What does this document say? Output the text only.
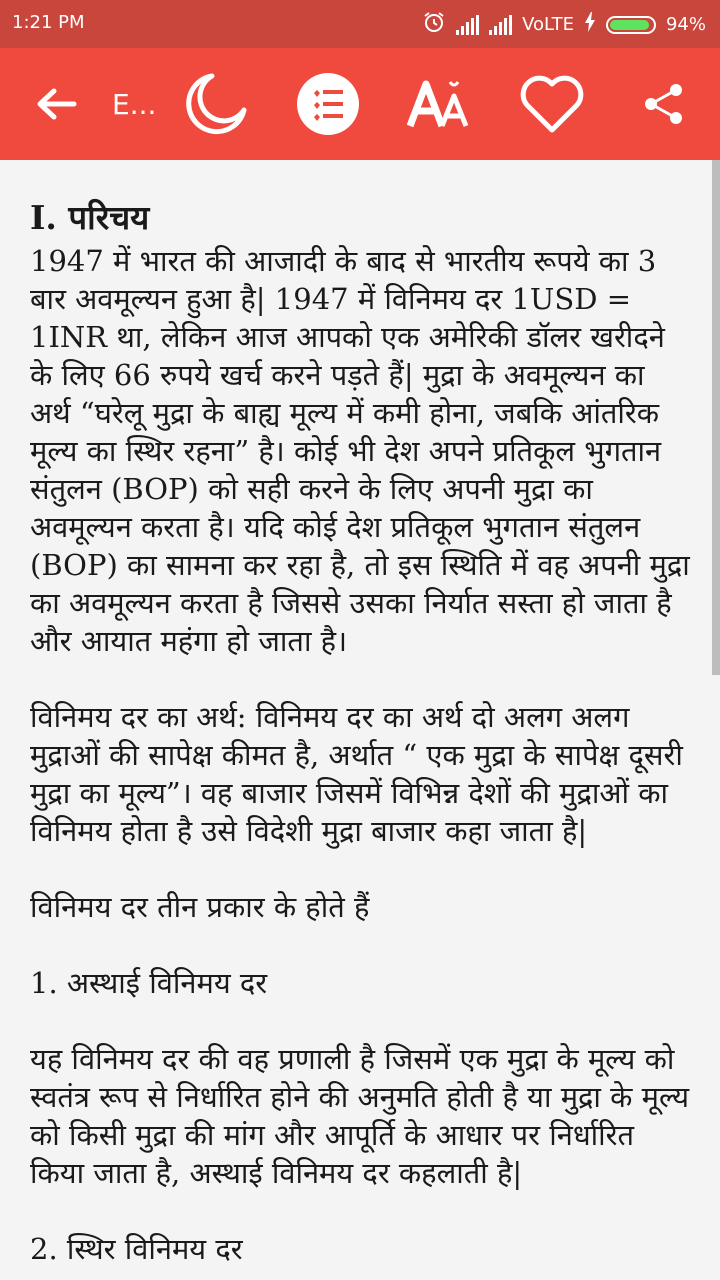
1:21 PM	VoLTE	94%
E...
I. परिचय

1947 में भारत की आजादी के बाद से भारतीय रूपये का 3 बार अवमूल्यन हुआ है| 1947 में विनिमय दर 1USD = 1INR था, लेकिन आज आपको एक अमेरिकी डॉलर खरीदने के लिए 66 रुपये खर्च करने पड़ते हैं| मुद्रा के अवमूल्यन का अर्थ “घरेलू मुद्रा के बाह्य मूल्य में कमी होना, जबकि आंतरिक मूल्य का स्थिर रहना” है। कोई भी देश अपने प्रतिकूल भुगतान संतुलन (BOP) को सही करने के लिए अपनी मुद्रा का अवमूल्यन करता है। यदि कोई देश प्रतिकूल भुगतान संतुलन (BOP) का सामना कर रहा है, तो इस स्थिति में वह अपनी मुद्रा का अवमूल्यन करता है जिससे उसका निर्यात सस्ता हो जाता है और आयात महंगा हो जाता है।

विनिमय दर का अर्थ: विनिमय दर का अर्थ दो अलग अलग मुद्राओं की सापेक्ष कीमत है, अर्थात “ एक मुद्रा के सापेक्ष दूसरी मुद्रा का मूल्य”। वह बाजार जिसमें विभिन्न देशों की मुद्राओं का विनिमय होता है उसे विदेशी मुद्रा बाजार कहा जाता है|

विनिमय दर तीन प्रकार के होते हैं

1. अस्थाई विनिमय दर

यह विनिमय दर की वह प्रणाली है जिसमें एक मुद्रा के मूल्य को स्वतंत्र रूप से निर्धारित होने की अनुमति होती है या मुद्रा के मूल्य को किसी मुद्रा की मांग और आपूर्ति के आधार पर निर्धारित किया जाता है, अस्थाई विनिमय दर कहलाती है|

2. स्थिर विनिमय दर
